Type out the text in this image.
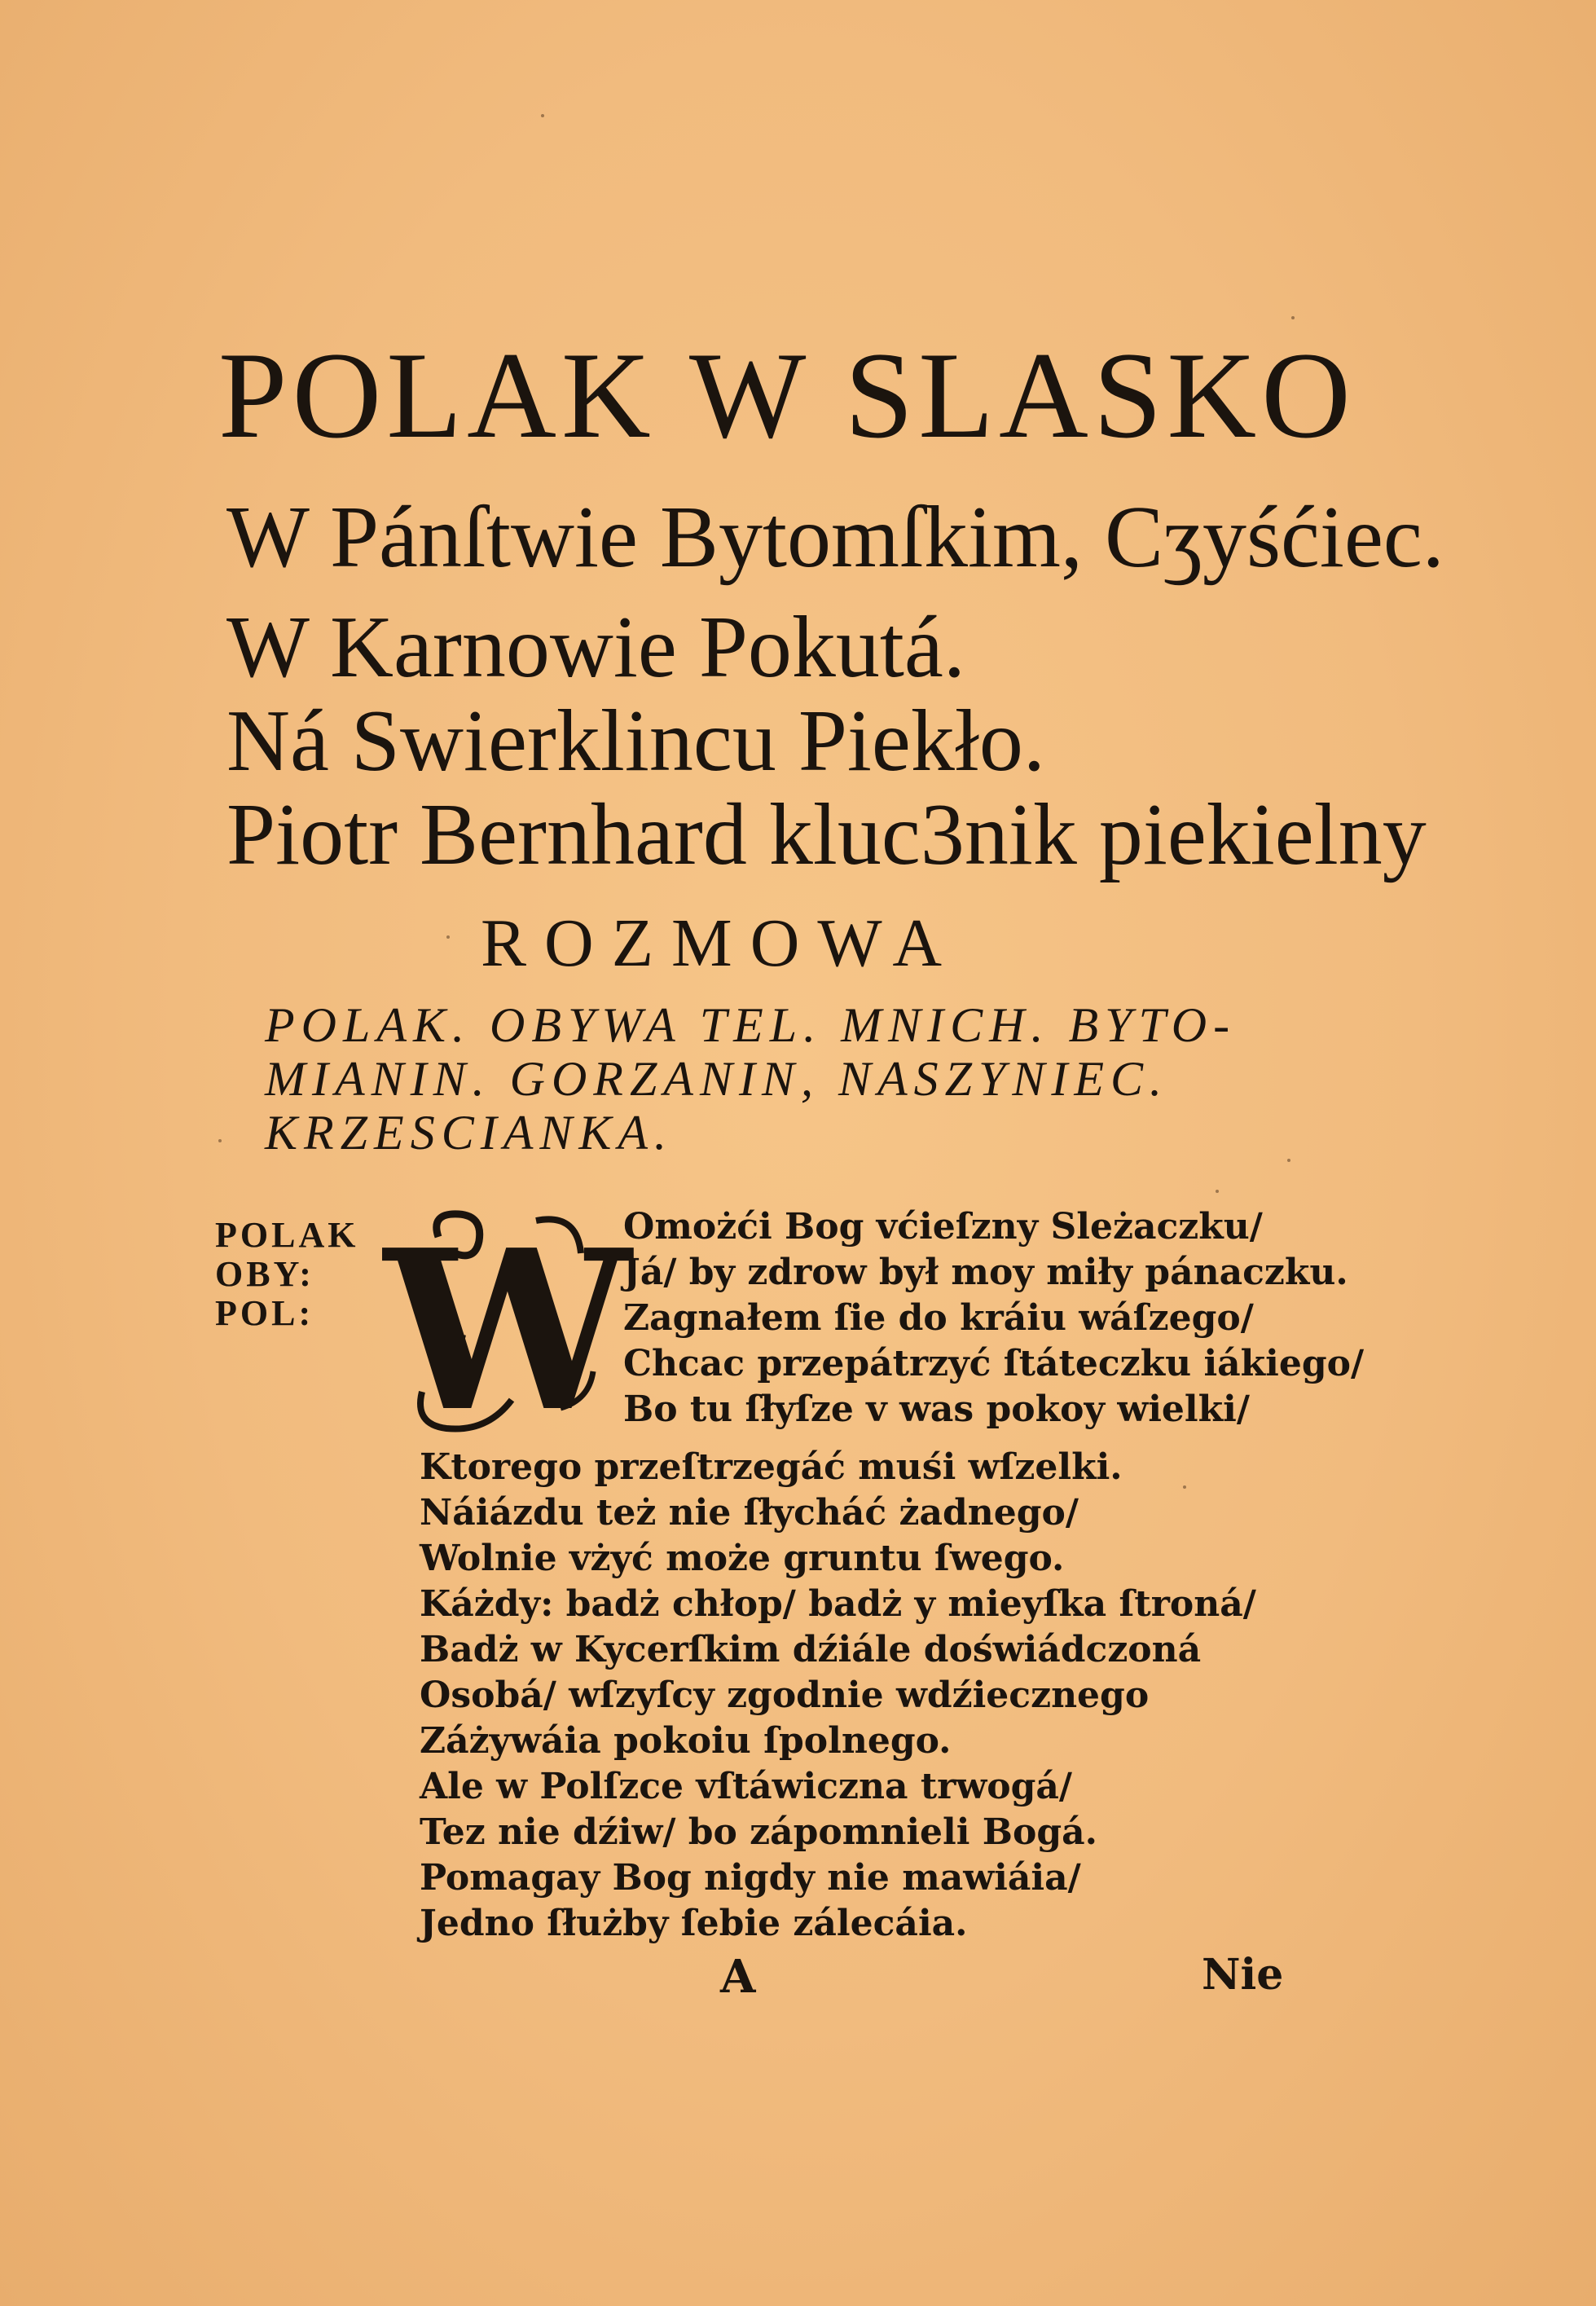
POLAK W SLASKO
W Pánſtwie Bytomſkim, Cʒyśćiec.
W Karnowie Pokutá.
Ná Swierklincu Piekło.
Piotr Bernhard kluc3nik piekielny
ROZMOWA
POLAK. OBYWA TEL. MNICH. BYTO-
MIANIN. GORZANIN, NASZYNIEC.
KRZESCIANKA.
POLAK
OBY:
POL: W
Omożći Bog vćieſzny Sleżaczku/
Já/ by zdrow był moy miły pánaczku.
Zagnałem ſie do kráiu wáſzego/
Chcac przepátrzyć ſtáteczku iákiego/
Bo tu ſłyſze v was pokoy wielki/
Ktorego przeſtrzegáć muśi wſzelki.
Náiázdu też nie ſłycháć żadnego/
Wolnie vżyć może gruntu ſwego.
Káżdy: badż chłop/ badż y mieyſka ſtroná/
Badż w Kycerſkim dźiále doświádczoná
Osobá/ wſzyſcy zgodnie wdźiecznego
Záżywáia pokoiu ſpolnego.
Ale w Polſzce vſtáwiczna trwogá/
Tez nie dźiw/ bo zápomnieli Bogá.
Pomagay Bog nigdy nie mawiáia/
Jedno ſłużby ſebie zálecáia.
A	Nie
